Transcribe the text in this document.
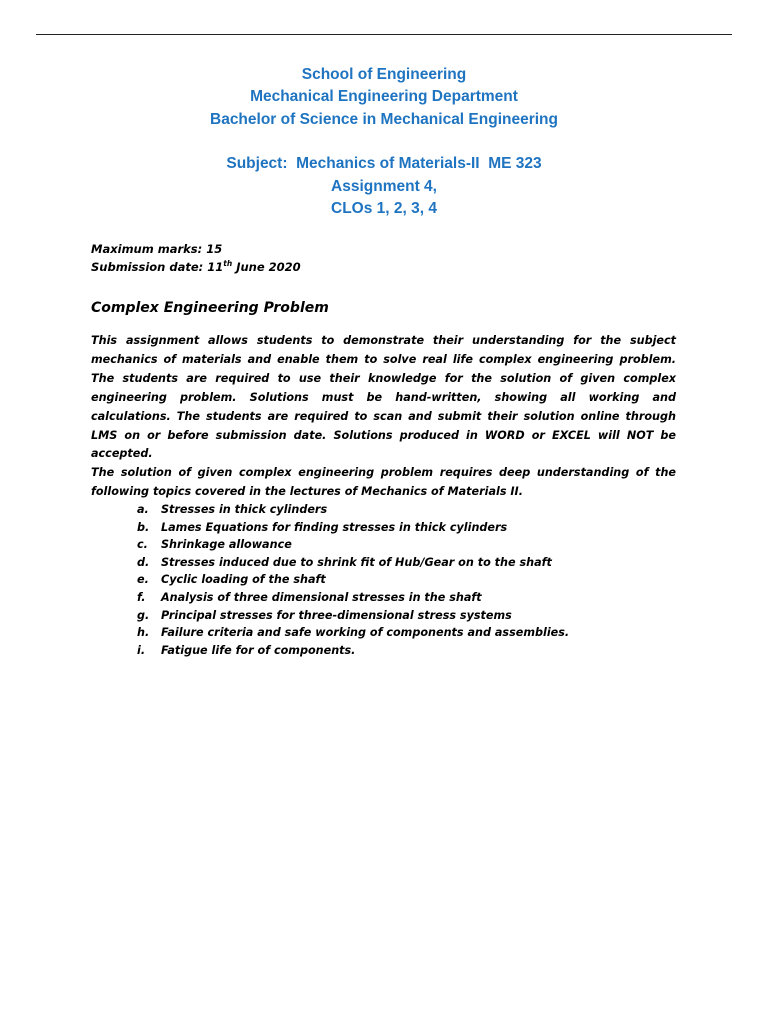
School of Engineering
Mechanical Engineering Department
Bachelor of Science in Mechanical Engineering
Subject:  Mechanics of Materials-II  ME 323
Assignment 4,
CLOs 1, 2, 3, 4
Maximum marks: 15
Submission date: 11th June 2020
Complex Engineering Problem

This assignment allows students to demonstrate their understanding for the subject mechanics of materials and enable them to solve real life complex engineering problem. The students are required to use their knowledge for the solution of given complex engineering problem. Solutions must be hand-written, showing all working and calculations. The students are required to scan and submit their solution online through LMS on or before submission date. Solutions produced in WORD or EXCEL will NOT be accepted.

The solution of given complex engineering problem requires deep understanding of the following topics covered in the lectures of Mechanics of Materials II.

a.	Stresses in thick cylinders
b.	Lames Equations for finding stresses in thick cylinders
c.	Shrinkage allowance
d.	Stresses induced due to shrink fit of Hub/Gear on to the shaft
e.	Cyclic loading of the shaft
f.	Analysis of three dimensional stresses in the shaft
g.	Principal stresses for three-dimensional stress systems
h.	Failure criteria and safe working of components and assemblies.
i.	Fatigue life for of components.
